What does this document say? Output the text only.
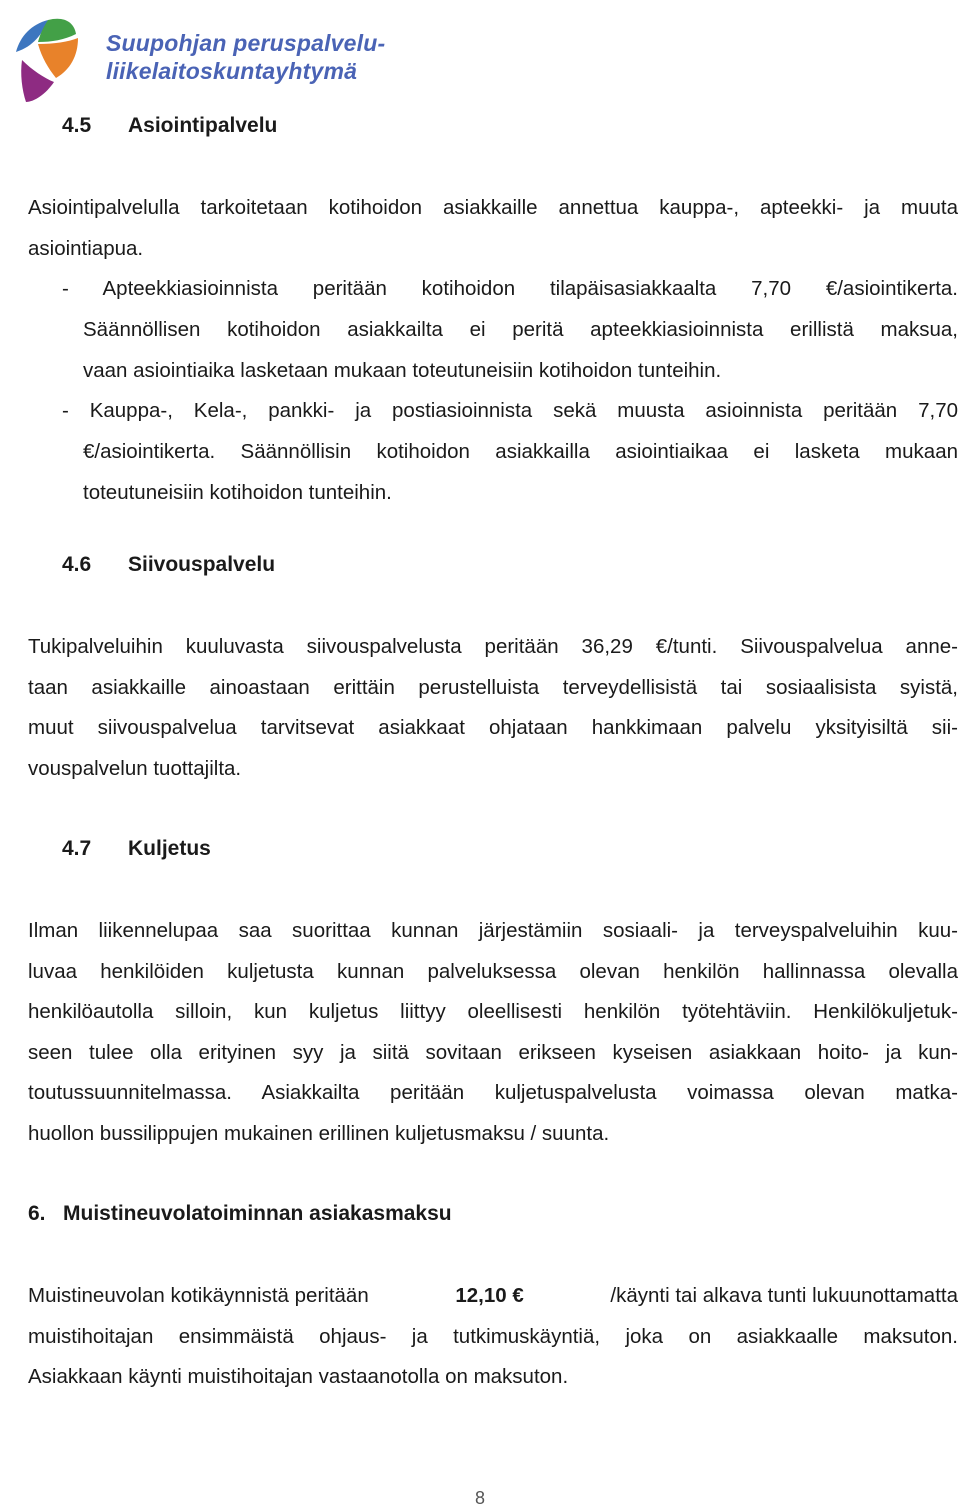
Suupohjan peruspalvelu-
liikelaitoskuntayhtymä
4.5 Asiointipalvelu
Asiointipalvelulla tarkoitetaan kotihoidon asiakkaille annettua kauppa-, apteekki- ja muuta
asiointiapua.
- Apteekkiasioinnista peritään kotihoidon tilapäisasiakkaalta 7,70 €/asiointikerta.
Säännöllisen kotihoidon asiakkailta ei peritä apteekkiasioinnista erillistä maksua,
vaan asiointiaika lasketaan mukaan toteutuneisiin kotihoidon tunteihin.
- Kauppa-, Kela-, pankki- ja postiasioinnista sekä muusta asioinnista peritään 7,70
€/asiointikerta. Säännöllisin kotihoidon asiakkailla asiointiaikaa ei lasketa mukaan
toteutuneisiin kotihoidon tunteihin.
4.6 Siivouspalvelu
Tukipalveluihin kuuluvasta siivouspalvelusta peritään 36,29 €/tunti. Siivouspalvelua anne-
taan asiakkaille ainoastaan erittäin perustelluista terveydellisistä tai sosiaalisista syistä,
muut siivouspalvelua tarvitsevat asiakkaat ohjataan hankkimaan palvelu yksityisiltä sii-
vouspalvelun tuottajilta.
4.7 Kuljetus
Ilman liikennelupaa saa suorittaa kunnan järjestämiin sosiaali- ja terveyspalveluihin kuu-
luvaa henkilöiden kuljetusta kunnan palveluksessa olevan henkilön hallinnassa olevalla
henkilöautolla silloin, kun kuljetus liittyy oleellisesti henkilön työtehtäviin. Henkilökuljetuk-
seen tulee olla erityinen syy ja siitä sovitaan erikseen kyseisen asiakkaan hoito- ja kun-
toutussuunnitelmassa. Asiakkailta peritään kuljetuspalvelusta voimassa olevan matka-
huollon bussilippujen mukainen erillinen kuljetusmaksu / suunta.
6. Muistineuvolatoiminnan asiakasmaksu
Muistineuvolan kotikäynnistä peritään	12,10 €	/käynti tai alkava tunti lukuunottamatta
muistihoitajan ensimmäistä ohjaus- ja tutkimuskäyntiä, joka on asiakkaalle maksuton.
Asiakkaan käynti muistihoitajan vastaanotolla on maksuton.
8
